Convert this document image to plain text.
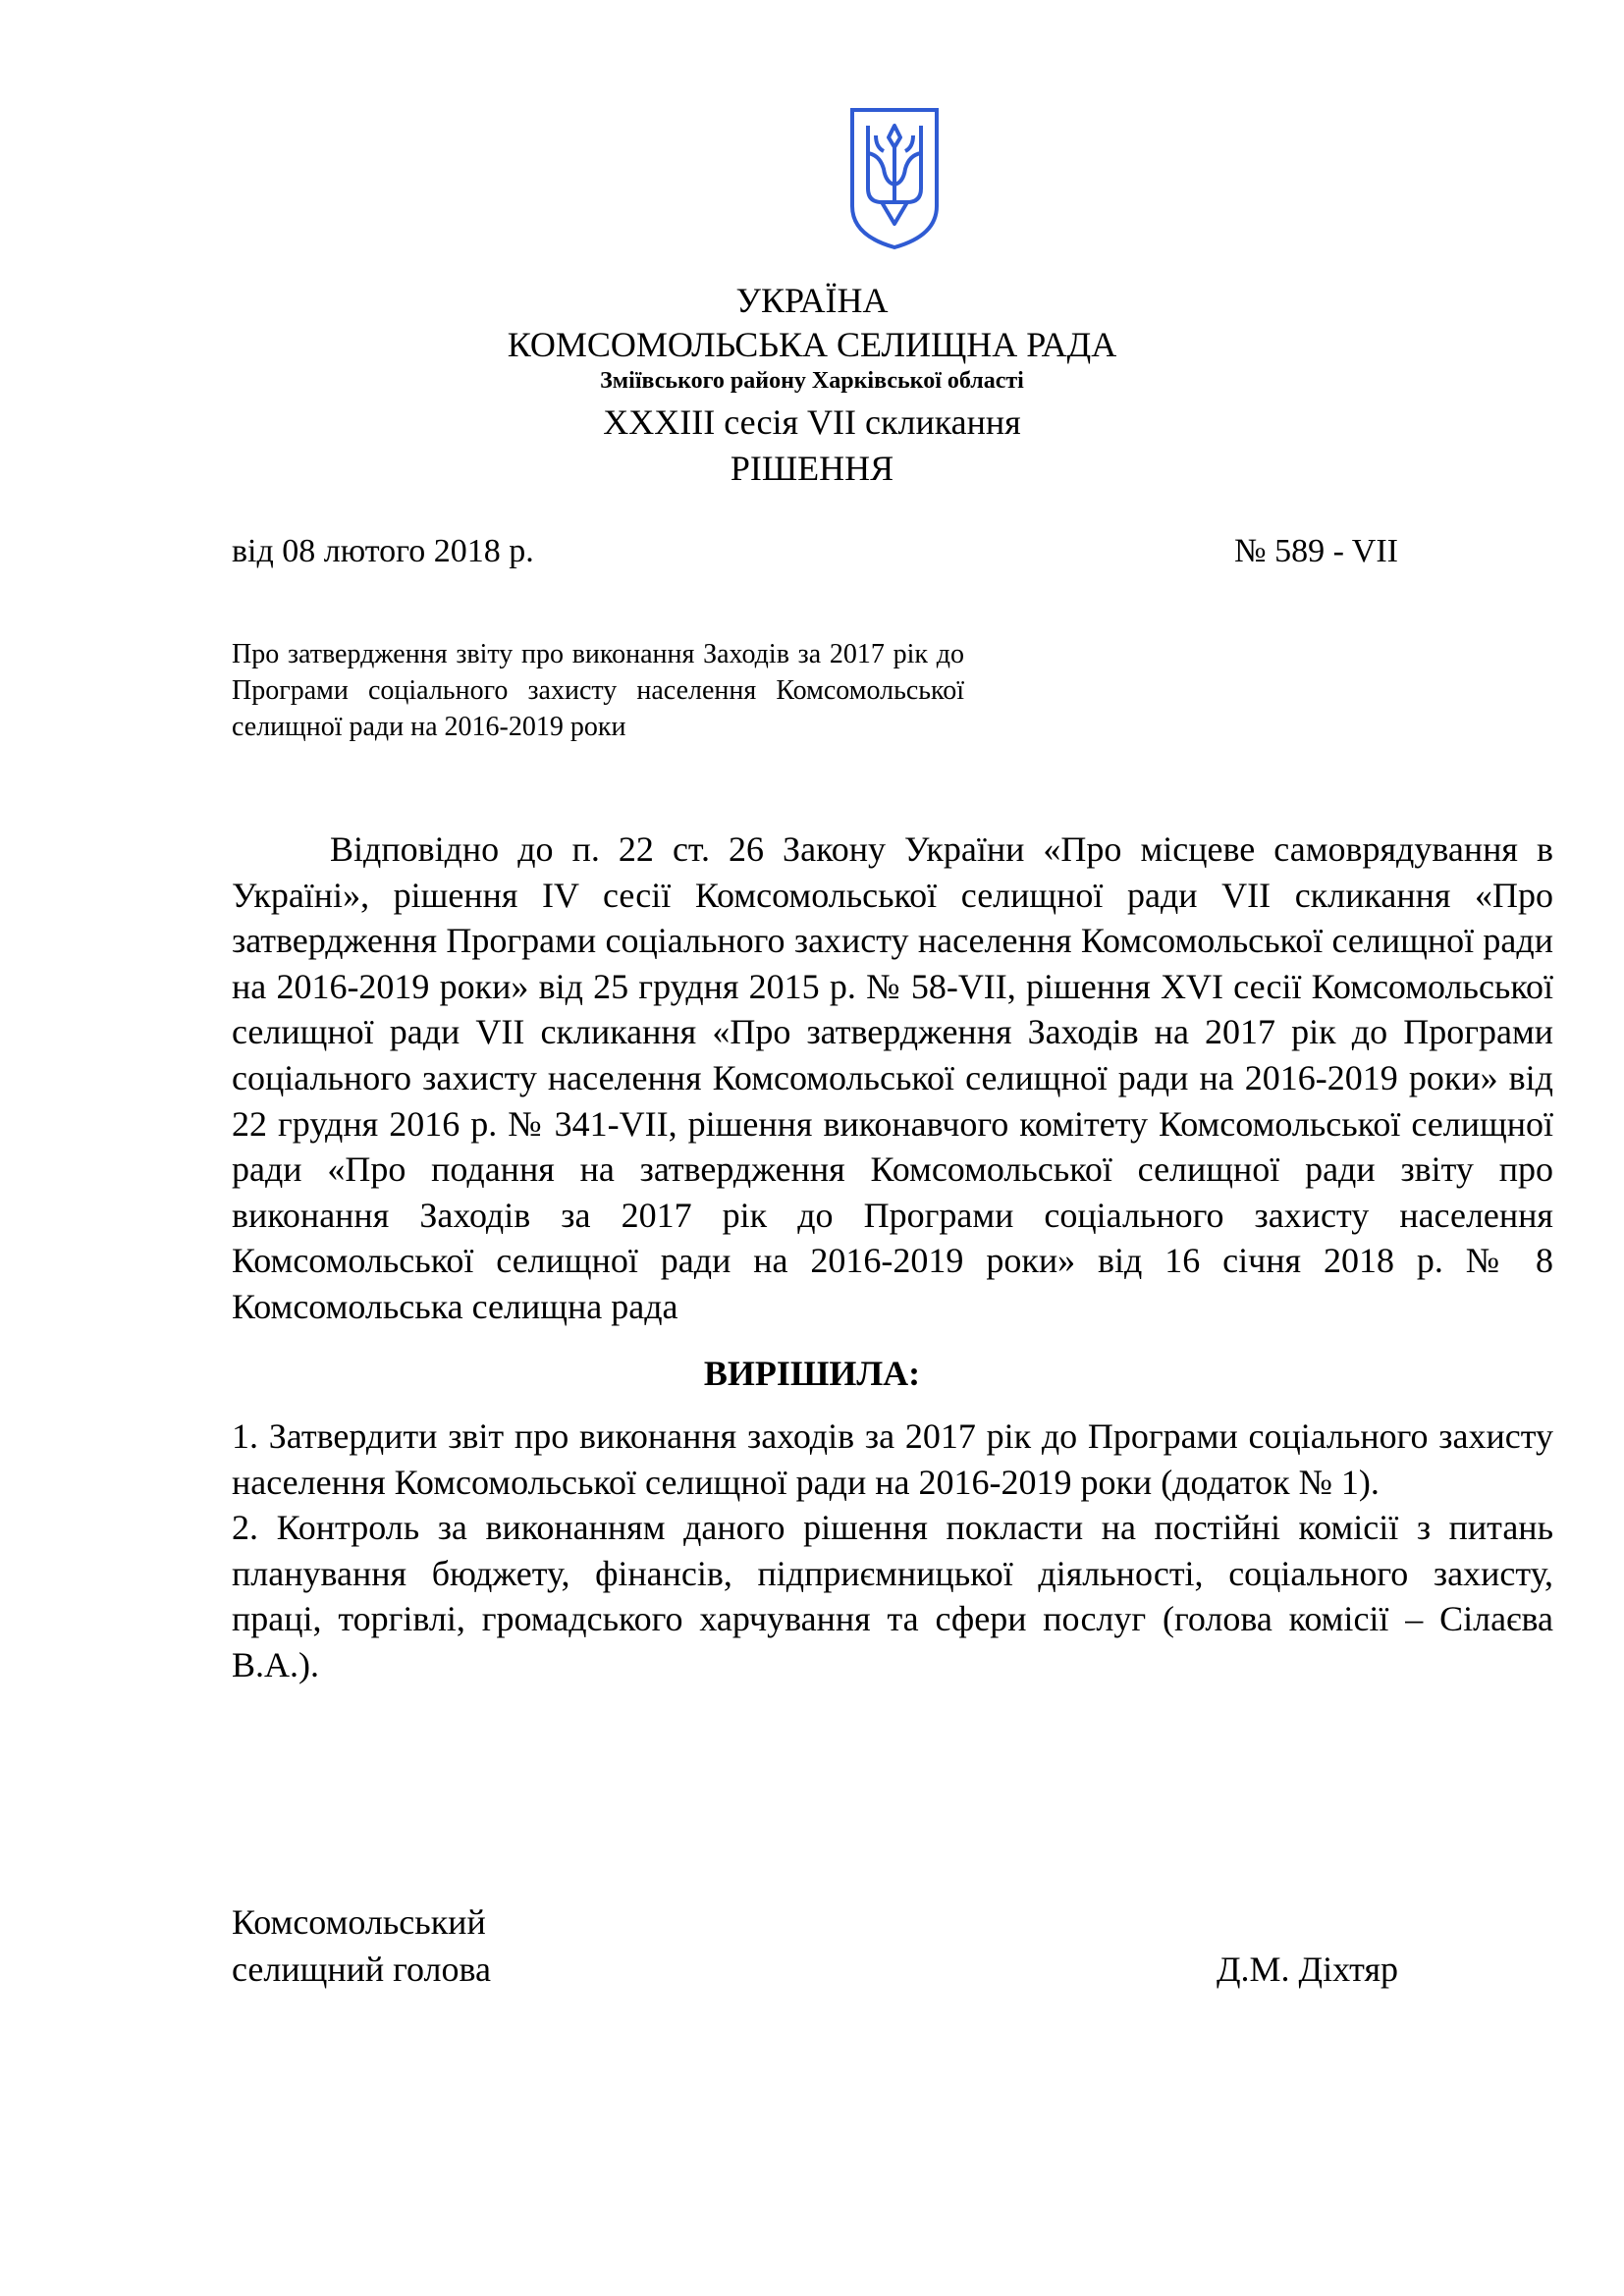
УКРАЇНА
КОМСОМОЛЬСЬКА СЕЛИЩНА РАДА
Зміївського району Харківської області
XXXIII сесія VII скликання
РІШЕННЯ
від 08 лютого 2018 р.	№ 589 - VII
Про затвердження звіту про виконання Заходів за 2017 рік до Програми соціального захисту населення Комсомольської селищної ради на 2016-2019 роки
Відповідно до п. 22 ст. 26 Закону України «Про місцеве самоврядування в Україні», рішення IV сесії Комсомольської селищної ради VII скликання «Про затвердження Програми соціального захисту населення Комсомольської селищної ради на 2016-2019 роки» від 25 грудня 2015 р. № 58-VII, рішення XVI сесії Комсомольської селищної ради VII скликання «Про затвердження Заходів на 2017 рік до Програми соціального захисту населення Комсомольської селищної ради на 2016-2019 роки» від 22 грудня 2016 р. № 341-VII, рішення виконавчого комітету Комсомольської селищної ради «Про подання на затвердження Комсомольської селищної ради звіту про виконання Заходів за 2017 рік до Програми соціального захисту населення Комсомольської селищної ради на 2016-2019 роки» від 16 січня 2018 р. № 8 Комсомольська селищна рада
ВИРІШИЛА:

1. Затвердити звіт про виконання заходів за 2017 рік до Програми соціального захисту населення Комсомольської селищної ради на 2016-2019 роки (додаток № 1).

2. Контроль за виконанням даного рішення покласти на постійні комісії з питань планування бюджету, фінансів, підприємницької діяльності, соціального захисту, праці, торгівлі, громадського харчування та сфери послуг (голова комісії – Сілаєва В.А.).

Комсомольський
селищний голова	Д.М. Діхтяр
